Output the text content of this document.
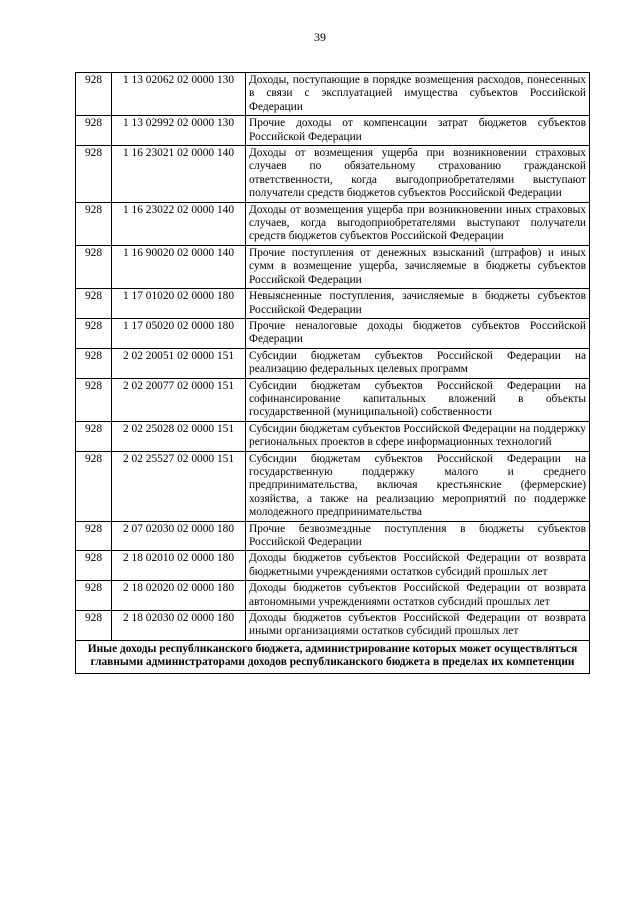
39
928	1 13 02062 02 0000 130	Доходы, поступающие в порядке возмещения расходов, понесенных в связи с эксплуатацией имущества субъектов Российской Федерации
928	1 13 02992 02 0000 130	Прочие доходы от компенсации затрат бюджетов субъектов Российской Федерации
928	1 16 23021 02 0000 140	Доходы от возмещения ущерба при возникновении страховых случаев по обязательному страхованию гражданской ответственности, когда выгодоприобретателями выступают получатели средств бюджетов субъектов Российской Федерации
928	1 16 23022 02 0000 140	Доходы от возмещения ущерба при возникновении иных страховых случаев, когда выгодоприобретателями выступают получатели средств бюджетов субъектов Российской Федерации
928	1 16 90020 02 0000 140	Прочие поступления от денежных взысканий (штрафов) и иных сумм в возмещение ущерба, зачисляемые в бюджеты субъектов Российской Федерации
928	1 17 01020 02 0000 180	Невыясненные поступления, зачисляемые в бюджеты субъектов Российской Федерации
928	1 17 05020 02 0000 180	Прочие неналоговые доходы бюджетов субъектов Российской Федерации
928	2 02 20051 02 0000 151	Субсидии бюджетам субъектов Российской Федерации на реализацию федеральных целевых программ
928	2 02 20077 02 0000 151	Субсидии бюджетам субъектов Российской Федерации на софинансирование капитальных вложений в объекты государственной (муниципальной) собственности
928	2 02 25028 02 0000 151	Субсидии бюджетам субъектов Российской Федерации на поддержку региональных проектов в сфере информационных технологий
928	2 02 25527 02 0000 151	Субсидии бюджетам субъектов Российской Федерации на государственную поддержку малого и среднего предпринимательства, включая крестьянские (фермерские) хозяйства, а также на реализацию мероприятий по поддержке молодежного предпринимательства
928	2 07 02030 02 0000 180	Прочие безвозмездные поступления в бюджеты субъектов Российской Федерации
928	2 18 02010 02 0000 180	Доходы бюджетов субъектов Российской Федерации от возврата бюджетными учреждениями остатков субсидий прошлых лет
928	2 18 02020 02 0000 180	Доходы бюджетов субъектов Российской Федерации от возврата автономными учреждениями остатков субсидий прошлых лет
928	2 18 02030 02 0000 180	Доходы бюджетов субъектов Российской Федерации от возврата иными организациями остатков субсидий прошлых лет
Иные доходы республиканского бюджета, администрирование которых может осуществляться главными администраторами доходов республиканского бюджета в пределах их компетенции		
